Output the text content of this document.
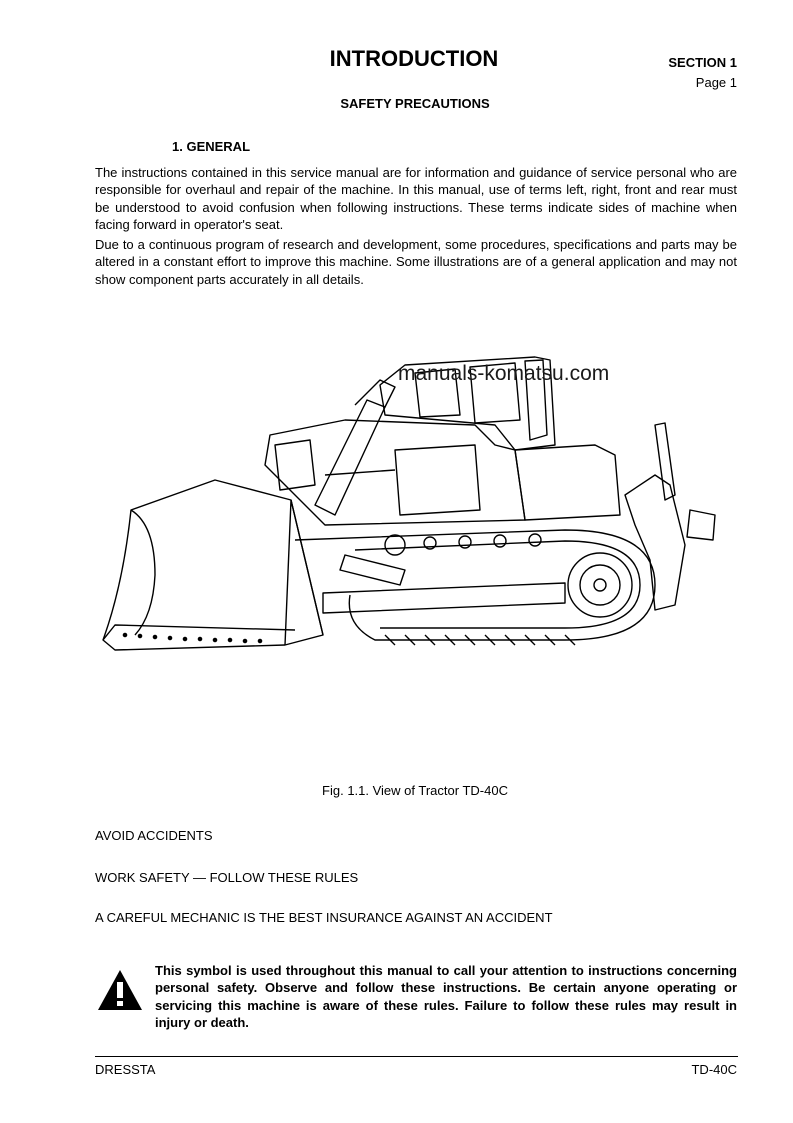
INTRODUCTION	SECTION 1
Page 1
SAFETY PRECAUTIONS
1. GENERAL
The instructions contained in this service manual are for information and guidance of service personal who are responsible for overhaul and repair of the machine. In this manual, use of terms left, right, front and rear must be understood to avoid confusion when following instructions. These terms indicate sides of machine when facing forward in operator's seat.
Due to a continuous program of research and development, some procedures, specifications and parts may be altered in a constant effort to improve this machine. Some illustrations are of a general application and may not show component parts accurately in all details.
manuals-komatsu.com
Fig. 1.1. View of Tractor TD-40C
AVOID ACCIDENTS
WORK SAFETY — FOLLOW THESE RULES
A CAREFUL MECHANIC IS THE BEST INSURANCE AGAINST AN ACCIDENT
This symbol is used throughout this manual to call your attention to instructions concerning personal safety. Observe and follow these instructions. Be certain anyone operating or servicing this machine is aware of these rules. Failure to follow these rules may result in injury or death.
DRESSTA	TD-40C
